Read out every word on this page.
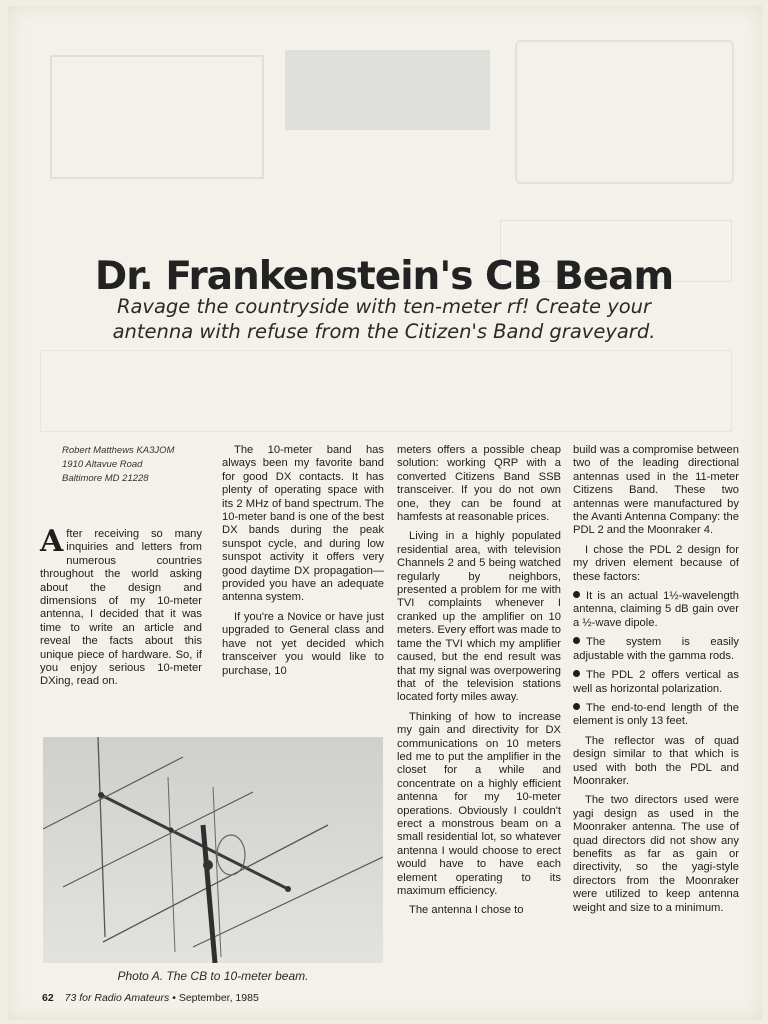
Dr. Frankenstein's CB Beam
Ravage the countryside with ten-meter rf! Create your
antenna with refuse from the Citizen's Band graveyard.
Robert Matthews KA3JOM
1910 Altavue Road
Baltimore MD 21228

After receiving so many inquiries and letters from numerous countries throughout the world asking about the design and dimensions of my 10-meter antenna, I decided that it was time to write an article and reveal the facts about this unique piece of hardware. So, if you enjoy serious 10-meter DXing, read on.

The 10-meter band has always been my favorite band for good DX contacts. It has plenty of operating space with its 2 MHz of band spectrum. The 10-meter band is one of the best DX bands during the peak sunspot cycle, and during low sunspot activity it offers very good daytime DX propagation—provided you have an adequate antenna system.

If you're a Novice or have just upgraded to General class and have not yet decided which transceiver you would like to purchase, 10

meters offers a possible cheap solution: working QRP with a converted Citizens Band SSB transceiver. If you do not own one, they can be found at hamfests at reasonable prices.

Living in a highly populated residential area, with television Channels 2 and 5 being watched regularly by neighbors, presented a problem for me with TVI complaints whenever I cranked up the amplifier on 10 meters. Every effort was made to tame the TVI which my amplifier caused, but the end result was that my signal was overpowering that of the television stations located forty miles away.

Thinking of how to increase my gain and directivity for DX communications on 10 meters led me to put the amplifier in the closet for a while and concentrate on a highly efficient antenna for my 10-meter operations. Obviously I couldn't erect a monstrous beam on a small residential lot, so whatever antenna I would choose to erect would have to have each element operating to its maximum efficiency.

The antenna I chose to

build was a compromise between two of the leading directional antennas used in the 11-meter Citizens Band. These two antennas were manufactured by the Avanti Antenna Company: the PDL 2 and the Moonraker 4.

I chose the PDL 2 design for my driven element because of these factors:

It is an actual 1½-wavelength antenna, claiming 5 dB gain over a ½-wave dipole.

The system is easily adjustable with the gamma rods.

The PDL 2 offers vertical as well as horizontal polarization.

The end-to-end length of the element is only 13 feet.

The reflector was of quad design similar to that which is used with both the PDL and Moonraker.

The two directors used were yagi design as used in the Moonraker antenna. The use of quad directors did not show any benefits as far as gain or directivity, so the yagi-style directors from the Moonraker were utilized to keep antenna weight and size to a minimum.

Photo A. The CB to 10-meter beam.
62 73 for Radio Amateurs • September, 1985
